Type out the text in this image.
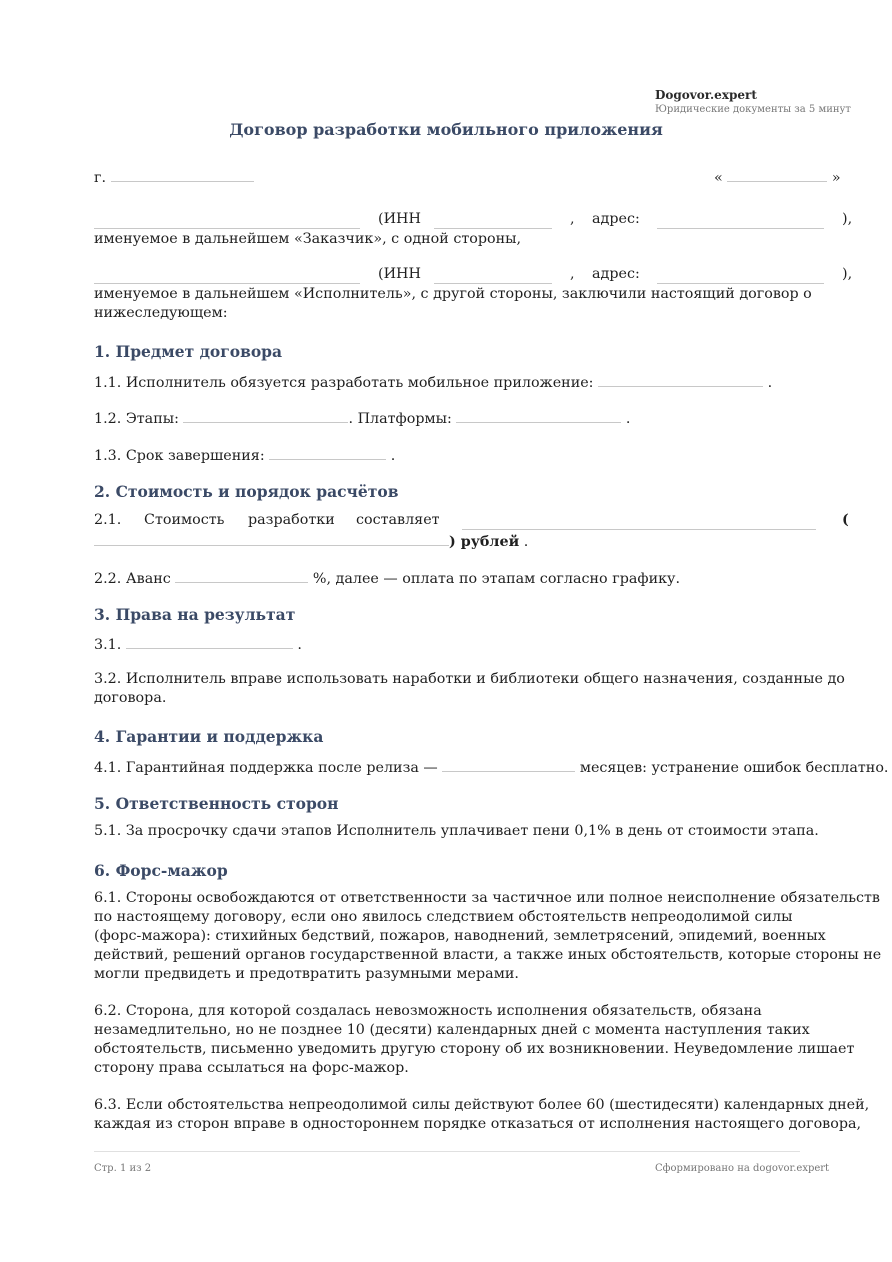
Dogovor.expert
Юридические документы за 5 минут
Договор разработки мобильного приложения
г.	«	»
(ИНН	, адрес:	),
именуемое в дальнейшем «Заказчик», с одной стороны,
(ИНН	, адрес:	),
именуемое в дальнейшем «Исполнитель», с другой стороны, заключили настоящий договор о
нижеследующем:
1. Предмет договора
1.1. Исполнитель обязуется разработать мобильное приложение:	.
1.2. Этапы:	. Платформы:	.
1.3. Срок завершения:	.
2. Стоимость и порядок расчётов
2.1. Стоимость разработки составляет	(
) рублей .
2.2. Аванс	%, далее — оплата по этапам согласно графику.
3. Права на результат
3.1.	.
3.2. Исполнитель вправе использовать наработки и библиотеки общего назначения, созданные до
договора.
4. Гарантии и поддержка
4.1. Гарантийная поддержка после релиза —	месяцев: устранение ошибок бесплатно.
5. Ответственность сторон
5.1. За просрочку сдачи этапов Исполнитель уплачивает пени 0,1% в день от стоимости этапа.
6. Форс-мажор
6.1. Стороны освобождаются от ответственности за частичное или полное неисполнение обязательств
по настоящему договору, если оно явилось следствием обстоятельств непреодолимой силы
(форс-мажора): стихийных бедствий, пожаров, наводнений, землетрясений, эпидемий, военных
действий, решений органов государственной власти, а также иных обстоятельств, которые стороны не
могли предвидеть и предотвратить разумными мерами.
6.2. Сторона, для которой создалась невозможность исполнения обязательств, обязана
незамедлительно, но не позднее 10 (десяти) календарных дней с момента наступления таких
обстоятельств, письменно уведомить другую сторону об их возникновении. Неуведомление лишает
сторону права ссылаться на форс-мажор.
6.3. Если обстоятельства непреодолимой силы действуют более 60 (шестидесяти) календарных дней,
каждая из сторон вправе в одностороннем порядке отказаться от исполнения настоящего договора,
Стр. 1 из 2	Сформировано на dogovor.expert
